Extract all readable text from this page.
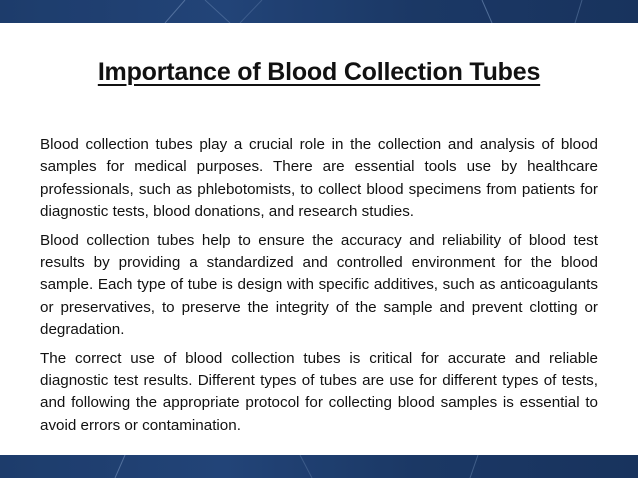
Importance of Blood Collection Tubes

Blood collection tubes play a crucial role in the collection and analysis of blood samples for medical purposes. There are essential tools use by healthcare professionals, such as phlebotomists, to collect blood specimens from patients for diagnostic tests, blood donations, and research studies.

Blood collection tubes help to ensure the accuracy and reliability of blood test results by providing a standardized and controlled environment for the blood sample. Each type of tube is design with specific additives, such as anticoagulants or preservatives, to preserve the integrity of the sample and prevent clotting or degradation.

The correct use of blood collection tubes is critical for accurate and reliable diagnostic test results. Different types of tubes are use for different types of tests, and following the appropriate protocol for collecting blood samples is essential to avoid errors or contamination.
